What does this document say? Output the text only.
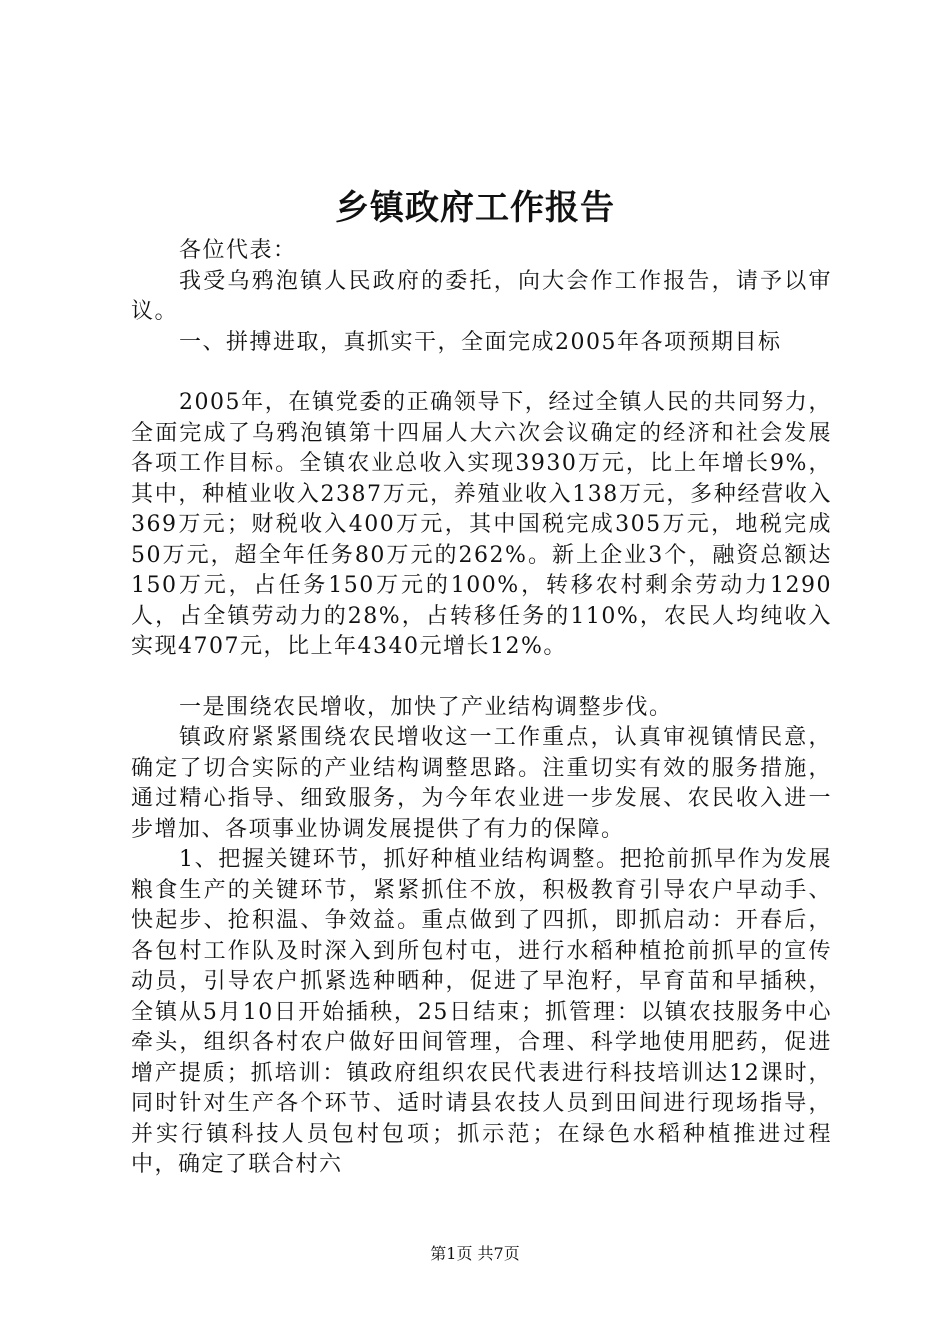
乡镇政府工作报告

各位代表：

我受乌鸦泡镇人民政府的委托，向大会作工作报告，请予以审议。

一、拼搏进取，真抓实干，全面完成2005年各项预期目标

2005年，在镇党委的正确领导下，经过全镇人民的共同努力，全面完成了乌鸦泡镇第十四届人大六次会议确定的经济和社会发展各项工作目标。全镇农业总收入实现3930万元，比上年增长9%，其中，种植业收入2387万元，养殖业收入138万元，多种经营收入369万元；财税收入400万元，其中国税完成305万元，地税完成50万元，超全年任务80万元的262%。新上企业3个，融资总额达150万元，占任务150万元的100%，转移农村剩余劳动力1290人，占全镇劳动力的28%，占转移任务的110%，农民人均纯收入实现4707元，比上年4340元增长12%。

一是围绕农民增收，加快了产业结构调整步伐。

镇政府紧紧围绕农民增收这一工作重点，认真审视镇情民意，确定了切合实际的产业结构调整思路。注重切实有效的服务措施，通过精心指导、细致服务，为今年农业进一步发展、农民收入进一步增加、各项事业协调发展提供了有力的保障。

1、把握关键环节，抓好种植业结构调整。把抢前抓早作为发展粮食生产的关键环节，紧紧抓住不放，积极教育引导农户早动手、快起步、抢积温、争效益。重点做到了四抓，即抓启动：开春后，各包村工作队及时深入到所包村屯，进行水稻种植抢前抓早的宣传动员，引导农户抓紧选种晒种，促进了早泡籽，早育苗和早插秧，全镇从5月10日开始插秧，25日结束；抓管理：以镇农技服务中心牵头，组织各村农户做好田间管理，合理、科学地使用肥药，促进增产提质；抓培训：镇政府组织农民代表进行科技培训达12课时，同时针对生产各个环节、适时请县农技人员到田间进行现场指导，并实行镇科技人员包村包项；抓示范；在绿色水稻种植推进过程中，确定了联合村六

第1页 共7页
